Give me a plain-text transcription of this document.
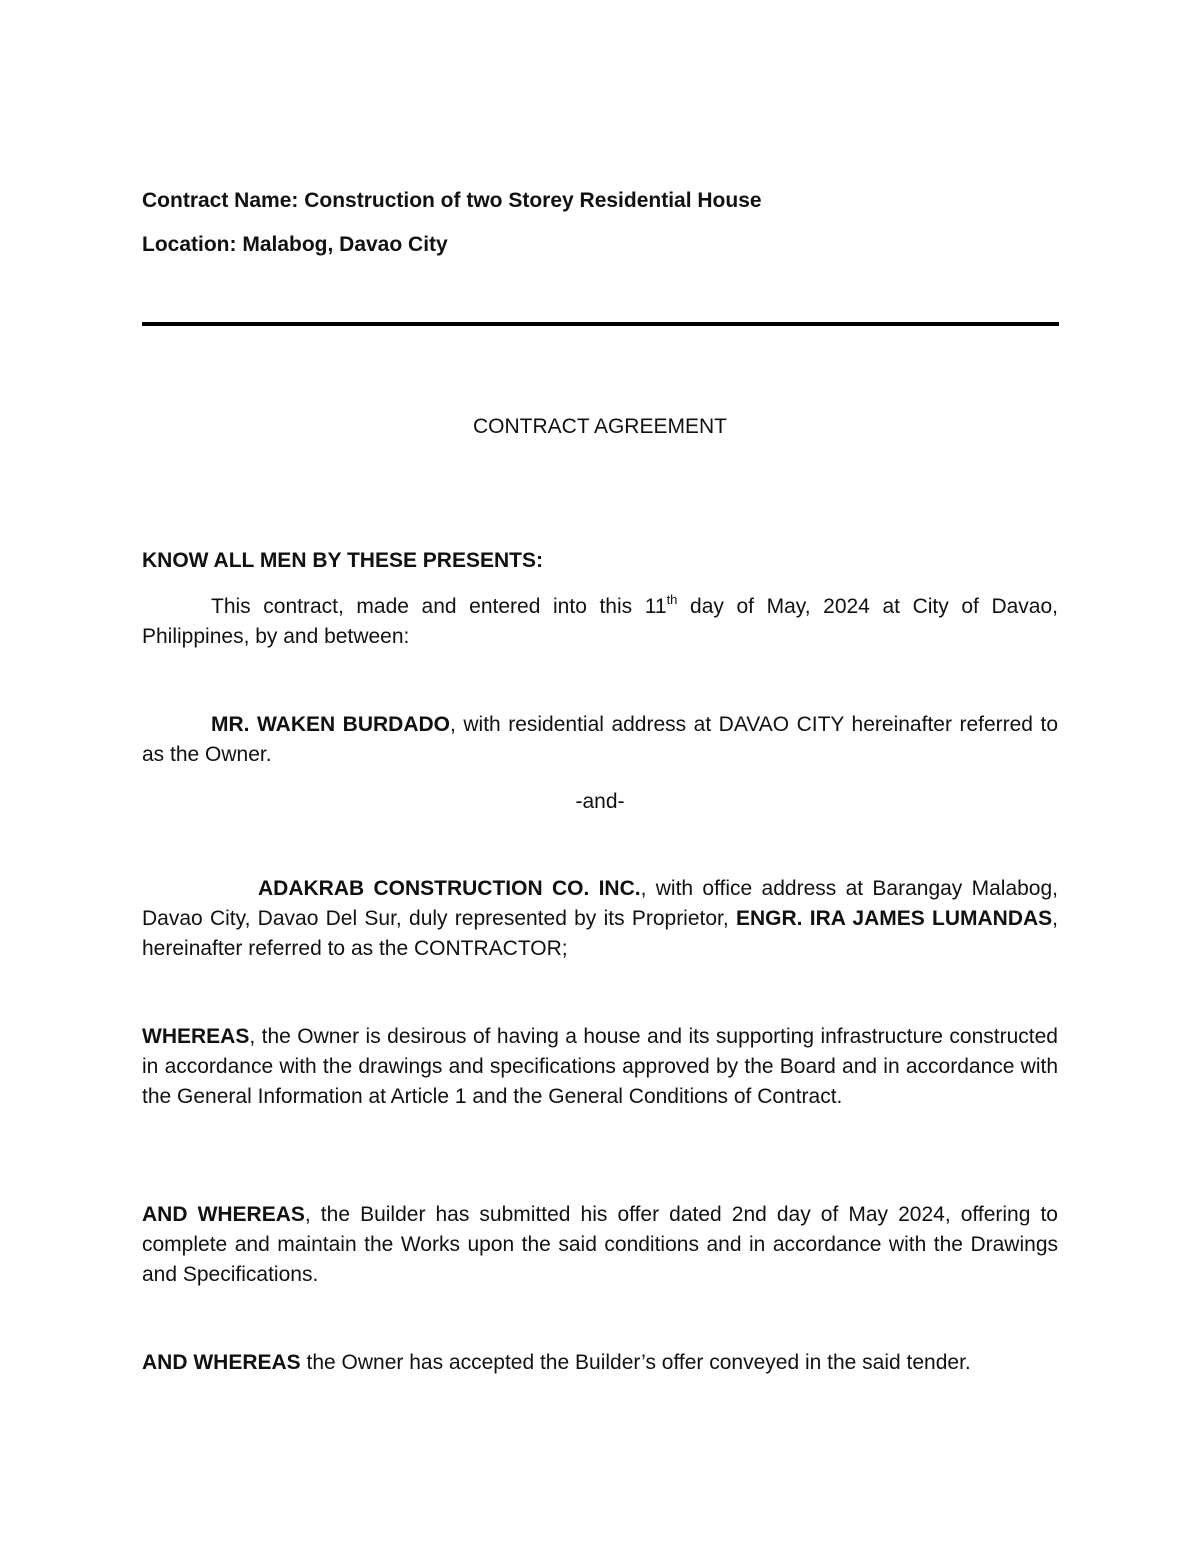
Contract Name: Construction of two Storey Residential House
Location: Malabog, Davao City
CONTRACT AGREEMENT
KNOW ALL MEN BY THESE PRESENTS:

This contract, made and entered into this 11th day of May, 2024 at City of Davao, Philippines, by and between:

MR. WAKEN BURDADO, with residential address at DAVAO CITY hereinafter referred to as the Owner.

-and-

ADAKRAB CONSTRUCTION CO. INC., with office address at Barangay Malabog, Davao City, Davao Del Sur, duly represented by its Proprietor, ENGR. IRA JAMES LUMANDAS, hereinafter referred to as the CONTRACTOR;

WHEREAS, the Owner is desirous of having a house and its supporting infrastructure constructed in accordance with the drawings and specifications approved by the Board and in accordance with the General Information at Article 1 and the General Conditions of Contract.

AND WHEREAS, the Builder has submitted his offer dated 2nd day of May 2024, offering to complete and maintain the Works upon the said conditions and in accordance with the Drawings and Specifications.

AND WHEREAS the Owner has accepted the Builder’s offer conveyed in the said tender.
